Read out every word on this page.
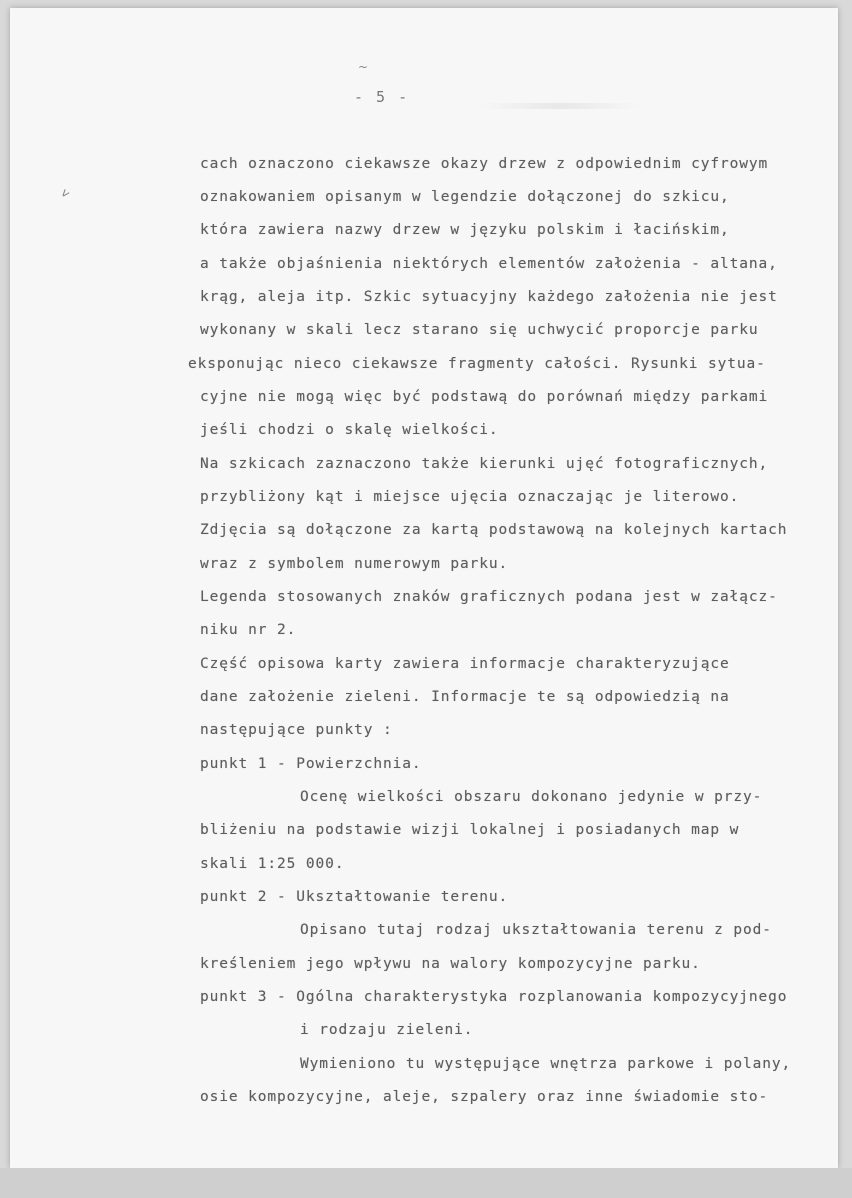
~
v
- 5 -
cach oznaczono ciekawsze okazy drzew z odpowiednim cyfrowym
oznakowaniem opisanym w legendzie dołączonej do szkicu,
która zawiera nazwy drzew w języku polskim i łacińskim,
a także objaśnienia niektórych elementów założenia - altana,
krąg, aleja itp. Szkic sytuacyjny każdego założenia nie jest
wykonany w skali lecz starano się uchwycić proporcje parku
eksponując nieco ciekawsze fragmenty całości. Rysunki sytua-
cyjne nie mogą więc być podstawą do porównań między parkami
jeśli chodzi o skalę wielkości.
Na szkicach zaznaczono także kierunki ujęć fotograficznych,
przybliżony kąt i miejsce ujęcia oznaczając je literowo.
Zdjęcia są dołączone za kartą podstawową na kolejnych kartach
wraz z symbolem numerowym parku.
Legenda stosowanych znaków graficznych podana jest w załącz-
niku nr 2.
Część opisowa karty zawiera informacje charakteryzujące
dane założenie zieleni. Informacje te są odpowiedzią na
następujące punkty :
punkt 1 - Powierzchnia.
Ocenę wielkości obszaru dokonano jedynie w przy-
bliżeniu na podstawie wizji lokalnej i posiadanych map w
skali 1:25 000.
punkt 2 - Ukształtowanie terenu.
Opisano tutaj rodzaj ukształtowania terenu z pod-
kreśleniem jego wpływu na walory kompozycyjne parku.
punkt 3 - Ogólna charakterystyka rozplanowania kompozycyjnego
i rodzaju zieleni.
Wymieniono tu występujące wnętrza parkowe i polany,
osie kompozycyjne, aleje, szpalery oraz inne świadomie sto-
